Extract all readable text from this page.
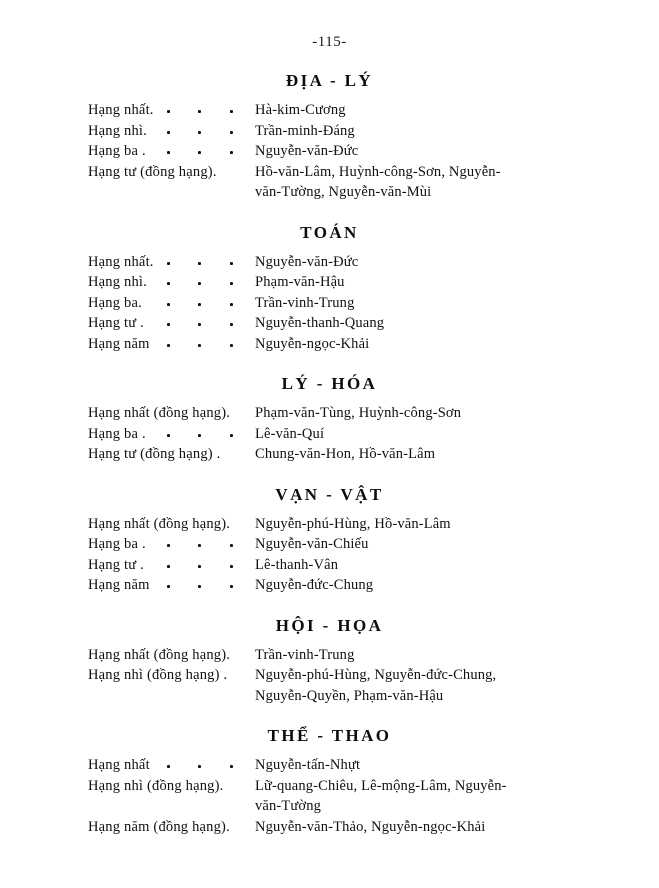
-115-
ĐỊA - LÝ
Hạng nhất.	Hà-kim-Cương
Hạng nhì.	Trần-minh-Đáng
Hạng ba .	Nguyễn-văn-Đức
Hạng tư (đồng hạng).	Hồ-văn-Lâm, Huỳnh-công-Sơn, Nguyễn-
văn-Tường, Nguyễn-văn-Mùi
TOÁN
Hạng nhất.	Nguyễn-văn-Đức
Hạng nhì.	Phạm-văn-Hậu
Hạng ba.	Trần-vinh-Trung
Hạng tư .	Nguyễn-thanh-Quang
Hạng năm	Nguyễn-ngọc-Khải
LÝ - HÓA
Hạng nhất (đồng hạng).	Phạm-văn-Tùng, Huỳnh-công-Sơn
Hạng ba .	Lê-văn-Quí
Hạng tư (đồng hạng) .	Chung-văn-Hon, Hồ-văn-Lâm
VẠN - VẬT
Hạng nhất (đồng hạng).	Nguyễn-phú-Hùng, Hồ-văn-Lâm
Hạng ba .	Nguyễn-văn-Chiếu
Hạng tư .	Lê-thanh-Vân
Hạng năm	Nguyễn-đức-Chung
HỘI - HỌA
Hạng nhất (đồng hạng).	Trần-vinh-Trung
Hạng nhì (đồng hạng) .	Nguyễn-phú-Hùng, Nguyễn-đức-Chung,
Nguyễn-Quyền, Phạm-văn-Hậu
THỂ - THAO
Hạng nhất	Nguyễn-tấn-Nhựt
Hạng nhì (đồng hạng).	Lữ-quang-Chiêu, Lê-mộng-Lâm, Nguyễn-
văn-Tường
Hạng năm (đồng hạng).	Nguyễn-văn-Thảo, Nguyễn-ngọc-Khải
